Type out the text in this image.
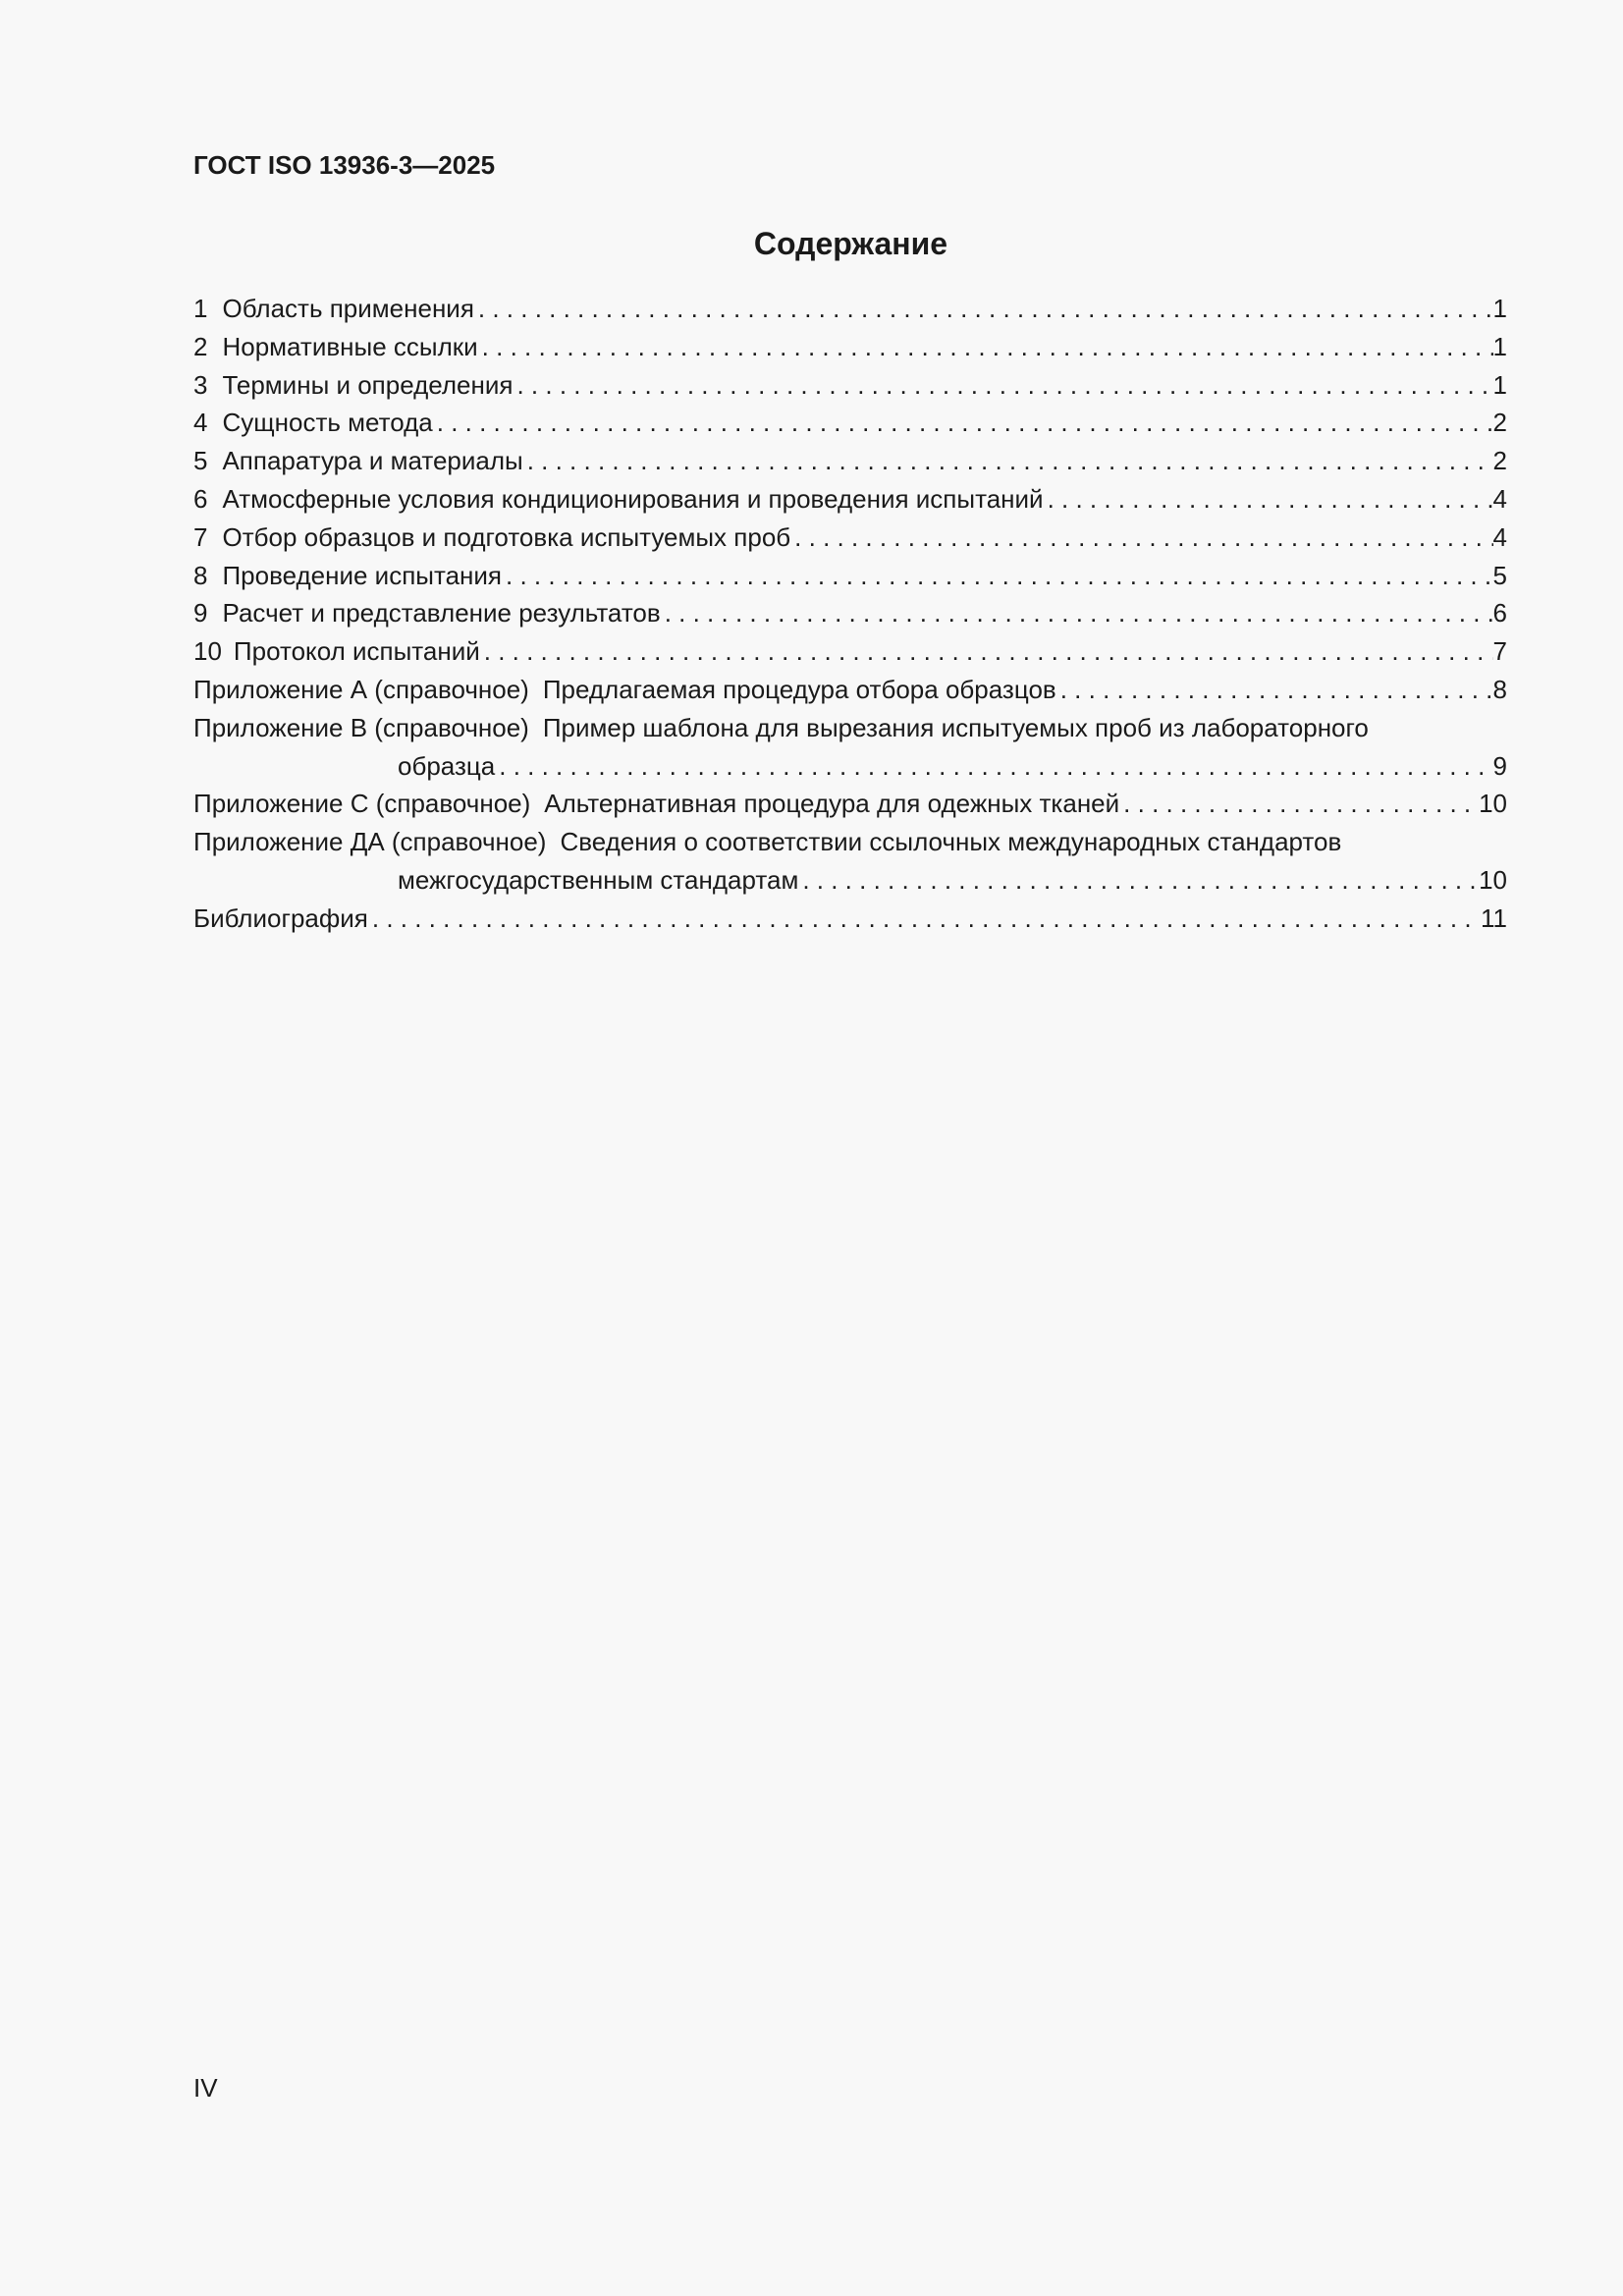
ГОСТ ISO 13936-3—2025
Содержание
1 Область применения . . .	1
2 Нормативные ссылки . . .	1
3 Термины и определения . . .	1
4 Сущность метода . . .	2
5 Аппаратура и материалы . . .	2
6 Атмосферные условия кондиционирования и проведения испытаний . . .	4
7 Отбор образцов и подготовка испытуемых проб . . .	4
8 Проведение испытания . . .	5
9 Расчет и представление результатов . . .	6
10 Протокол испытаний . . .	7
Приложение А (справочное) Предлагаемая процедура отбора образцов . . .	8
Приложение В (справочное) Пример шаблона для вырезания испытуемых проб из лабораторного
образца . . .	9
Приложение С (справочное) Альтернативная процедура для одежных тканей . . .	10
Приложение ДА (справочное) Сведения о соответствии ссылочных международных стандартов
межгосударственным стандартам . . .	10
Библиография . . .	11
IV
